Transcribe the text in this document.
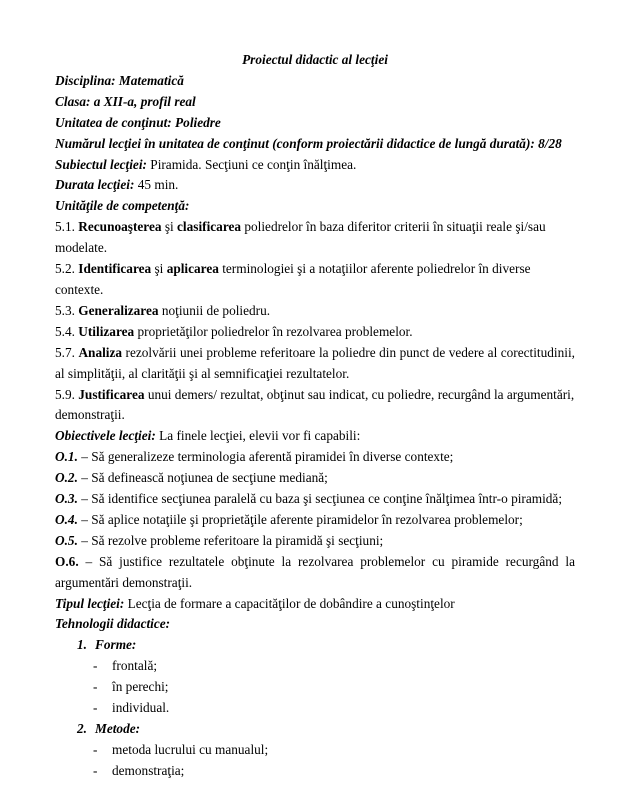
Proiectul didactic al lecţiei
Disciplina: Matematică
Clasa: a XII-a, profil real
Unitatea de conţinut: Poliedre
Numărul lecţiei în unitatea de conţinut (conform proiectării didactice de lungă durată): 8/28
Subiectul lecţiei: Piramida. Secţiuni ce conţin înălţimea.
Durata lecţiei: 45 min.
Unităţile de competenţă:
5.1. Recunoaşterea şi clasificarea poliedrelor în baza diferitor criterii în situaţii reale şi/sau modelate.
5.2. Identificarea şi aplicarea terminologiei şi a notaţiilor aferente poliedrelor în diverse contexte.
5.3. Generalizarea noţiunii de poliedru.
5.4. Utilizarea proprietăţilor poliedrelor în rezolvarea problemelor.
5.7. Analiza rezolvării unei probleme referitoare la poliedre din punct de vedere al corectitudinii, al simplităţii, al clarităţii şi al semnificaţiei rezultatelor.
5.9. Justificarea unui demers/ rezultat, obţinut sau indicat, cu poliedre, recurgând la argumentări, demonstraţii.
Obiectivele lecţiei: La finele lecţiei, elevii vor fi capabili:
O.1. – Să generalizeze terminologia aferentă piramidei în diverse contexte;
O.2. – Să definească noţiunea de secţiune mediană;
O.3. – Să identifice secţiunea paralelă cu baza şi secţiunea ce conţine înălţimea într-o piramidă;
O.4. – Să aplice notaţiile şi proprietăţile aferente piramidelor în rezolvarea problemelor;
O.5. – Să rezolve probleme referitoare la piramidă şi secţiuni;
O.6. – Să justifice rezultatele obţinute la rezolvarea problemelor cu piramide recurgând la argumentări demonstraţii.
Tipul lecţiei: Lecţia de formare a capacităţilor de dobândire a cunoştinţelor
Tehnologii didactice:
1. Forme:
- frontală;
- în perechi;
- individual.
2. Metode:
- metoda lucrului cu manualul;
- demonstraţia;
